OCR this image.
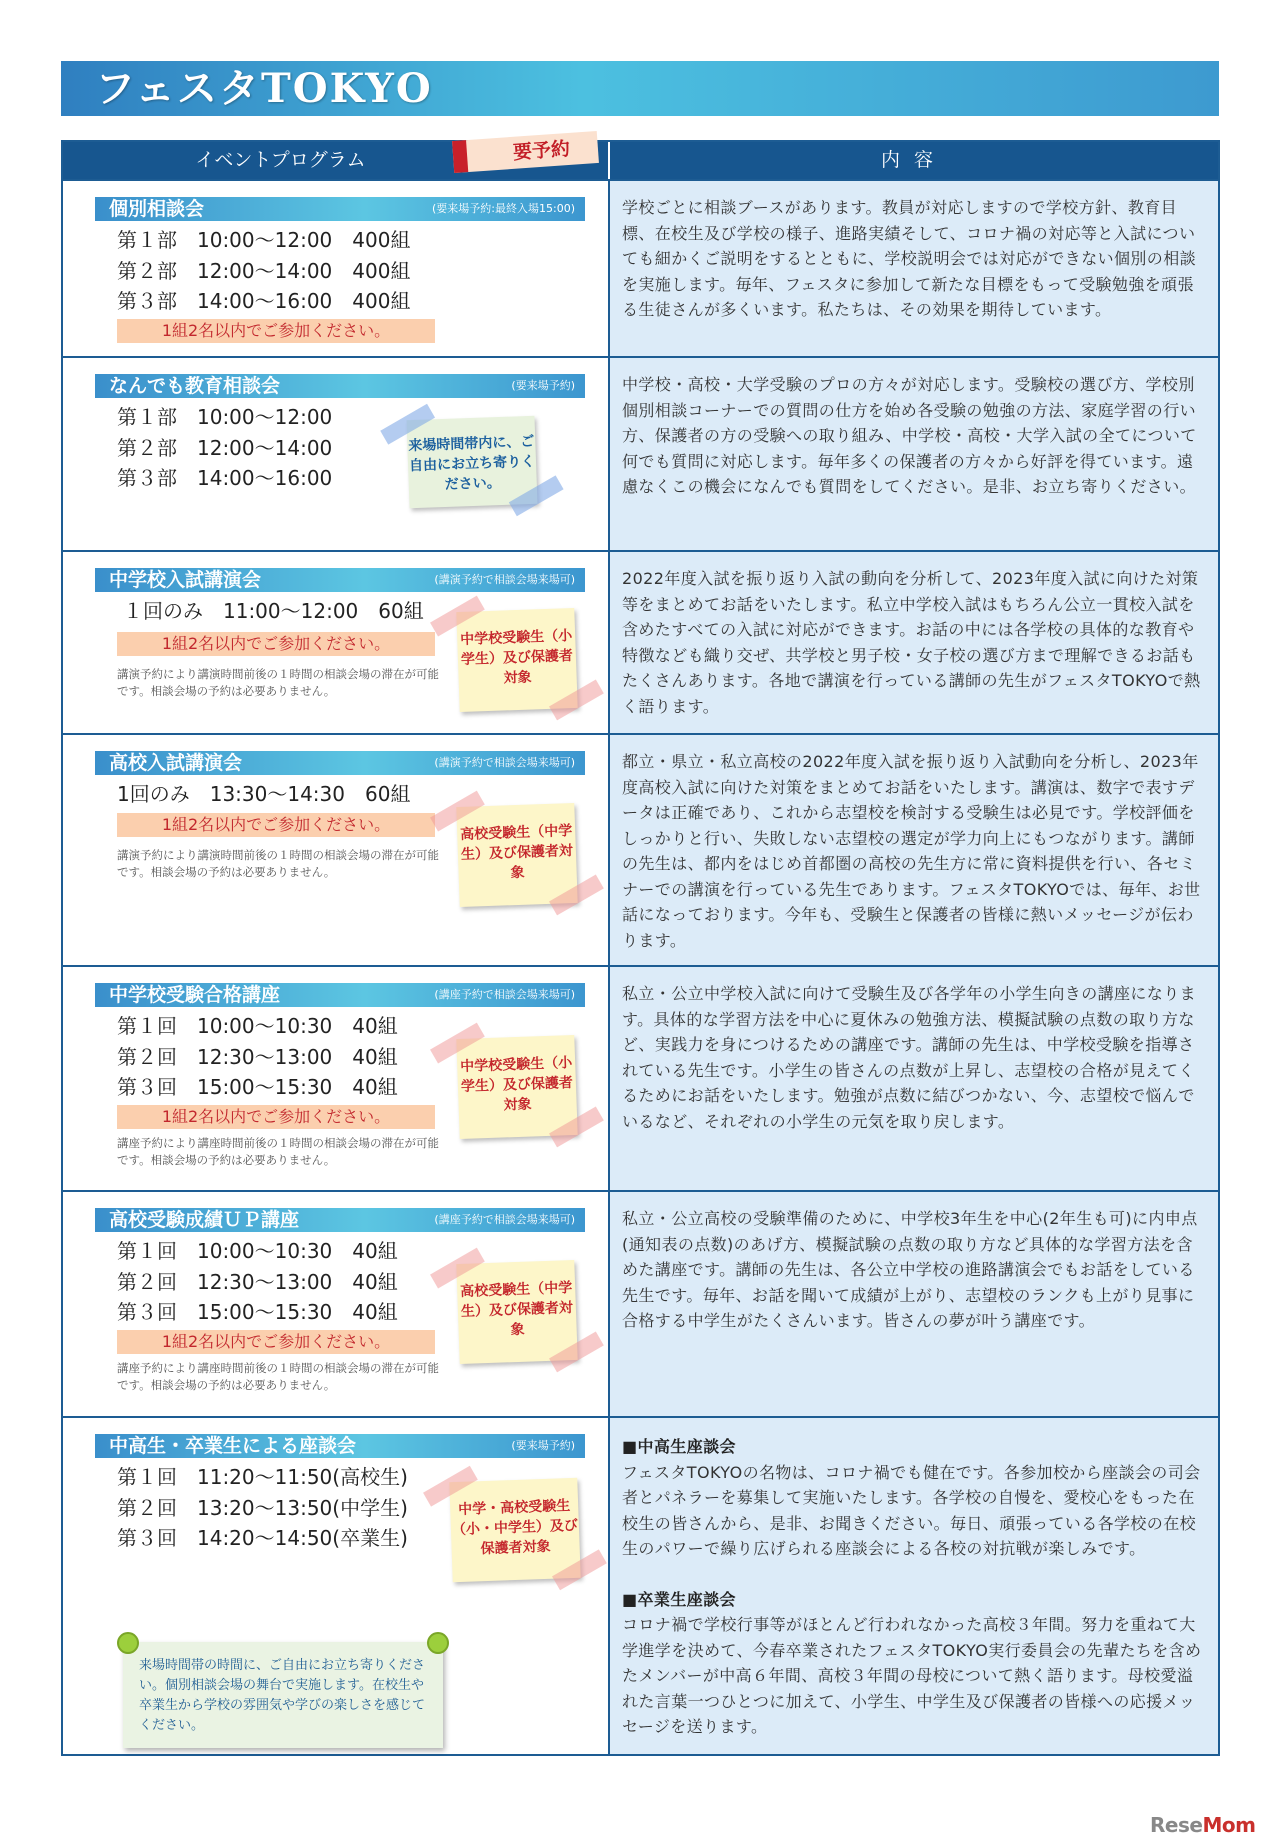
フェスタTOKYO
イベントプログラム	要予約	内容
個別相談会	(要来場予約:最終入場15:00)
第１部　10:00〜12:00　400組
第２部　12:00〜14:00　400組
第３部　14:00〜16:00　400組
1組2名以内でご参加ください。
学校ごとに相談ブースがあります。教員が対応しますので学校方針、教育目標、在校生及び学校の様子、進路実績そして、コロナ禍の対応等と入試についても細かくご説明をするとともに、学校説明会では対応ができない個別の相談を実施します。毎年、フェスタに参加して新たな目標をもって受験勉強を頑張る生徒さんが多くいます。私たちは、その効果を期待しています。
なんでも教育相談会	(要来場予約)
第１部　10:00〜12:00
第２部　12:00〜14:00
第３部　14:00〜16:00
来場時間帯内に、ご自由にお立ち寄りください。
中学校・高校・大学受験のプロの方々が対応します。受験校の選び方、学校別個別相談コーナーでの質問の仕方を始め各受験の勉強の方法、家庭学習の行い方、保護者の方の受験への取り組み、中学校・高校・大学入試の全てについて何でも質問に対応します。毎年多くの保護者の方々から好評を得ています。遠慮なくこの機会になんでも質問をしてください。是非、お立ち寄りください。
中学校入試講演会	(講演予約で相談会場来場可)
１回のみ　11:00〜12:00　60組
1組2名以内でご参加ください。
講演予約により講演時間前後の１時間の相談会場の滞在が可能です。相談会場の予約は必要ありません。
中学校受験生（小学生）及び保護者対象
2022年度入試を振り返り入試の動向を分析して、2023年度入試に向けた対策等をまとめてお話をいたします。私立中学校入試はもちろん公立一貫校入試を含めたすべての入試に対応ができます。お話の中には各学校の具体的な教育や特徴なども織り交ぜ、共学校と男子校・女子校の選び方まで理解できるお話もたくさんあります。各地で講演を行っている講師の先生がフェスタTOKYOで熱く語ります。
高校入試講演会	(講演予約で相談会場来場可)
1回のみ　13:30〜14:30　60組
1組2名以内でご参加ください。
講演予約により講演時間前後の１時間の相談会場の滞在が可能です。相談会場の予約は必要ありません。
高校受験生（中学生）及び保護者対象
都立・県立・私立高校の2022年度入試を振り返り入試動向を分析し、2023年度高校入試に向けた対策をまとめてお話をいたします。講演は、数字で表すデータは正確であり、これから志望校を検討する受験生は必見です。学校評価をしっかりと行い、失敗しない志望校の選定が学力向上にもつながります。講師の先生は、都内をはじめ首都圏の高校の先生方に常に資料提供を行い、各セミナーでの講演を行っている先生であります。フェスタTOKYOでは、毎年、お世話になっております。今年も、受験生と保護者の皆様に熱いメッセージが伝わります。
中学校受験合格講座	(講座予約で相談会場来場可)
第１回　10:00〜10:30　40組
第２回　12:30〜13:00　40組
第３回　15:00〜15:30　40組
1組2名以内でご参加ください。
講座予約により講座時間前後の１時間の相談会場の滞在が可能です。相談会場の予約は必要ありません。
中学校受験生（小学生）及び保護者対象
私立・公立中学校入試に向けて受験生及び各学年の小学生向きの講座になります。具体的な学習方法を中心に夏休みの勉強方法、模擬試験の点数の取り方など、実践力を身につけるための講座です。講師の先生は、中学校受験を指導されている先生です。小学生の皆さんの点数が上昇し、志望校の合格が見えてくるためにお話をいたします。勉強が点数に結びつかない、今、志望校で悩んでいるなど、それぞれの小学生の元気を取り戻します。
高校受験成績ＵＰ講座	(講座予約で相談会場来場可)
第１回　10:00〜10:30　40組
第２回　12:30〜13:00　40組
第３回　15:00〜15:30　40組
1組2名以内でご参加ください。
講座予約により講座時間前後の１時間の相談会場の滞在が可能です。相談会場の予約は必要ありません。
高校受験生（中学生）及び保護者対象
私立・公立高校の受験準備のために、中学校3年生を中心(2年生も可)に内申点(通知表の点数)のあげ方、模擬試験の点数の取り方など具体的な学習方法を含めた講座です。講師の先生は、各公立中学校の進路講演会でもお話をしている先生です。毎年、お話を聞いて成績が上がり、志望校のランクも上がり見事に合格する中学生がたくさんいます。皆さんの夢が叶う講座です。
中高生・卒業生による座談会	(要来場予約)
第１回　11:20〜11:50(高校生)
第２回　13:20〜13:50(中学生)
第３回　14:20〜14:50(卒業生)
中学・高校受験生（小・中学生）及び保護者対象
来場時間帯の時間に、ご自由にお立ち寄りください。個別相談会場の舞台で実施します。在校生や卒業生から学校の雰囲気や学びの楽しさを感じてください。
■中高生座談会
フェスタTOKYOの名物は、コロナ禍でも健在です。各参加校から座談会の司会者とパネラーを募集して実施いたします。各学校の自慢を、愛校心をもった在校生の皆さんから、是非、お聞きください。毎日、頑張っている各学校の在校生のパワーで繰り広げられる座談会による各校の対抗戦が楽しみです。
■卒業生座談会
コロナ禍で学校行事等がほとんど行われなかった高校３年間。努力を重ねて大学進学を決めて、今春卒業されたフェスタTOKYO実行委員会の先輩たちを含めたメンバーが中高６年間、高校３年間の母校について熱く語ります。母校愛溢れた言葉一つひとつに加えて、小学生、中学生及び保護者の皆様への応援メッセージを送ります。
ReseMom
